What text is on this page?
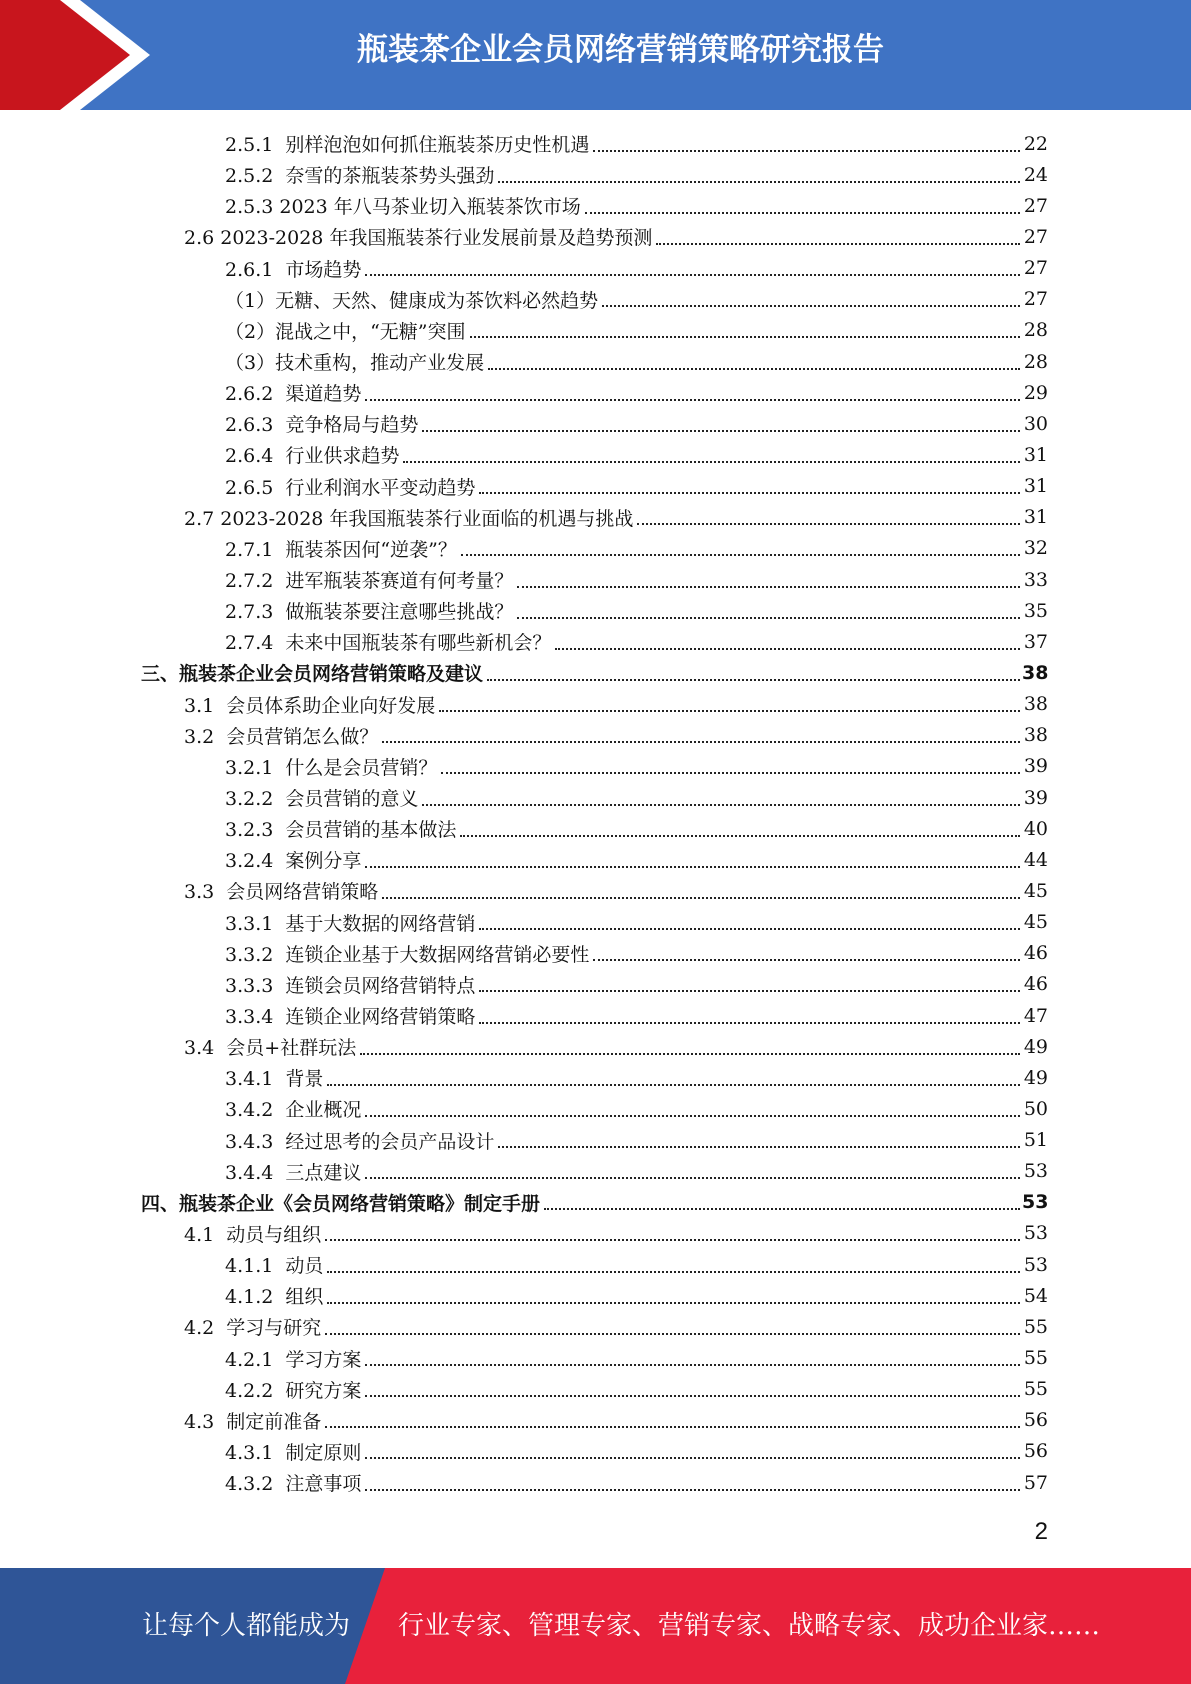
瓶装茶企业会员网络营销策略研究报告
2.5.1  别样泡泡如何抓住瓶装茶历史性机遇	22
2.5.2  奈雪的茶瓶装茶势头强劲	24
2.5.3 2023 年八马茶业切入瓶装茶饮市场	27
2.6 2023-2028 年我国瓶装茶行业发展前景及趋势预测	27
2.6.1  市场趋势	27
（1）无糖、天然、健康成为茶饮料必然趋势	27
（2）混战之中，“无糖”突围	28
（3）技术重构，推动产业发展	28
2.6.2  渠道趋势	29
2.6.3  竞争格局与趋势	30
2.6.4  行业供求趋势	31
2.6.5  行业利润水平变动趋势	31
2.7 2023-2028 年我国瓶装茶行业面临的机遇与挑战	31
2.7.1  瓶装茶因何“逆袭”？	32
2.7.2  进军瓶装茶赛道有何考量？	33
2.7.3  做瓶装茶要注意哪些挑战？	35
2.7.4  未来中国瓶装茶有哪些新机会？	37
三、瓶装茶企业会员网络营销策略及建议	38
3.1  会员体系助企业向好发展	38
3.2  会员营销怎么做？	38
3.2.1  什么是会员营销？	39
3.2.2  会员营销的意义	39
3.2.3  会员营销的基本做法	40
3.2.4  案例分享	44
3.3  会员网络营销策略	45
3.3.1  基于大数据的网络营销	45
3.3.2  连锁企业基于大数据网络营销必要性	46
3.3.3  连锁会员网络营销特点	46
3.3.4  连锁企业网络营销策略	47
3.4  会员+社群玩法	49
3.4.1  背景	49
3.4.2  企业概况	50
3.4.3  经过思考的会员产品设计	51
3.4.4  三点建议	53
四、瓶装茶企业《会员网络营销策略》制定手册	53
4.1  动员与组织	53
4.1.1  动员	53
4.1.2  组织	54
4.2  学习与研究	55
4.2.1  学习方案	55
4.2.2  研究方案	55
4.3  制定前准备	56
4.3.1  制定原则	56
4.3.2  注意事项	57
2
让每个人都能成为 行业专家、管理专家、营销专家、战略专家、成功企业家……
